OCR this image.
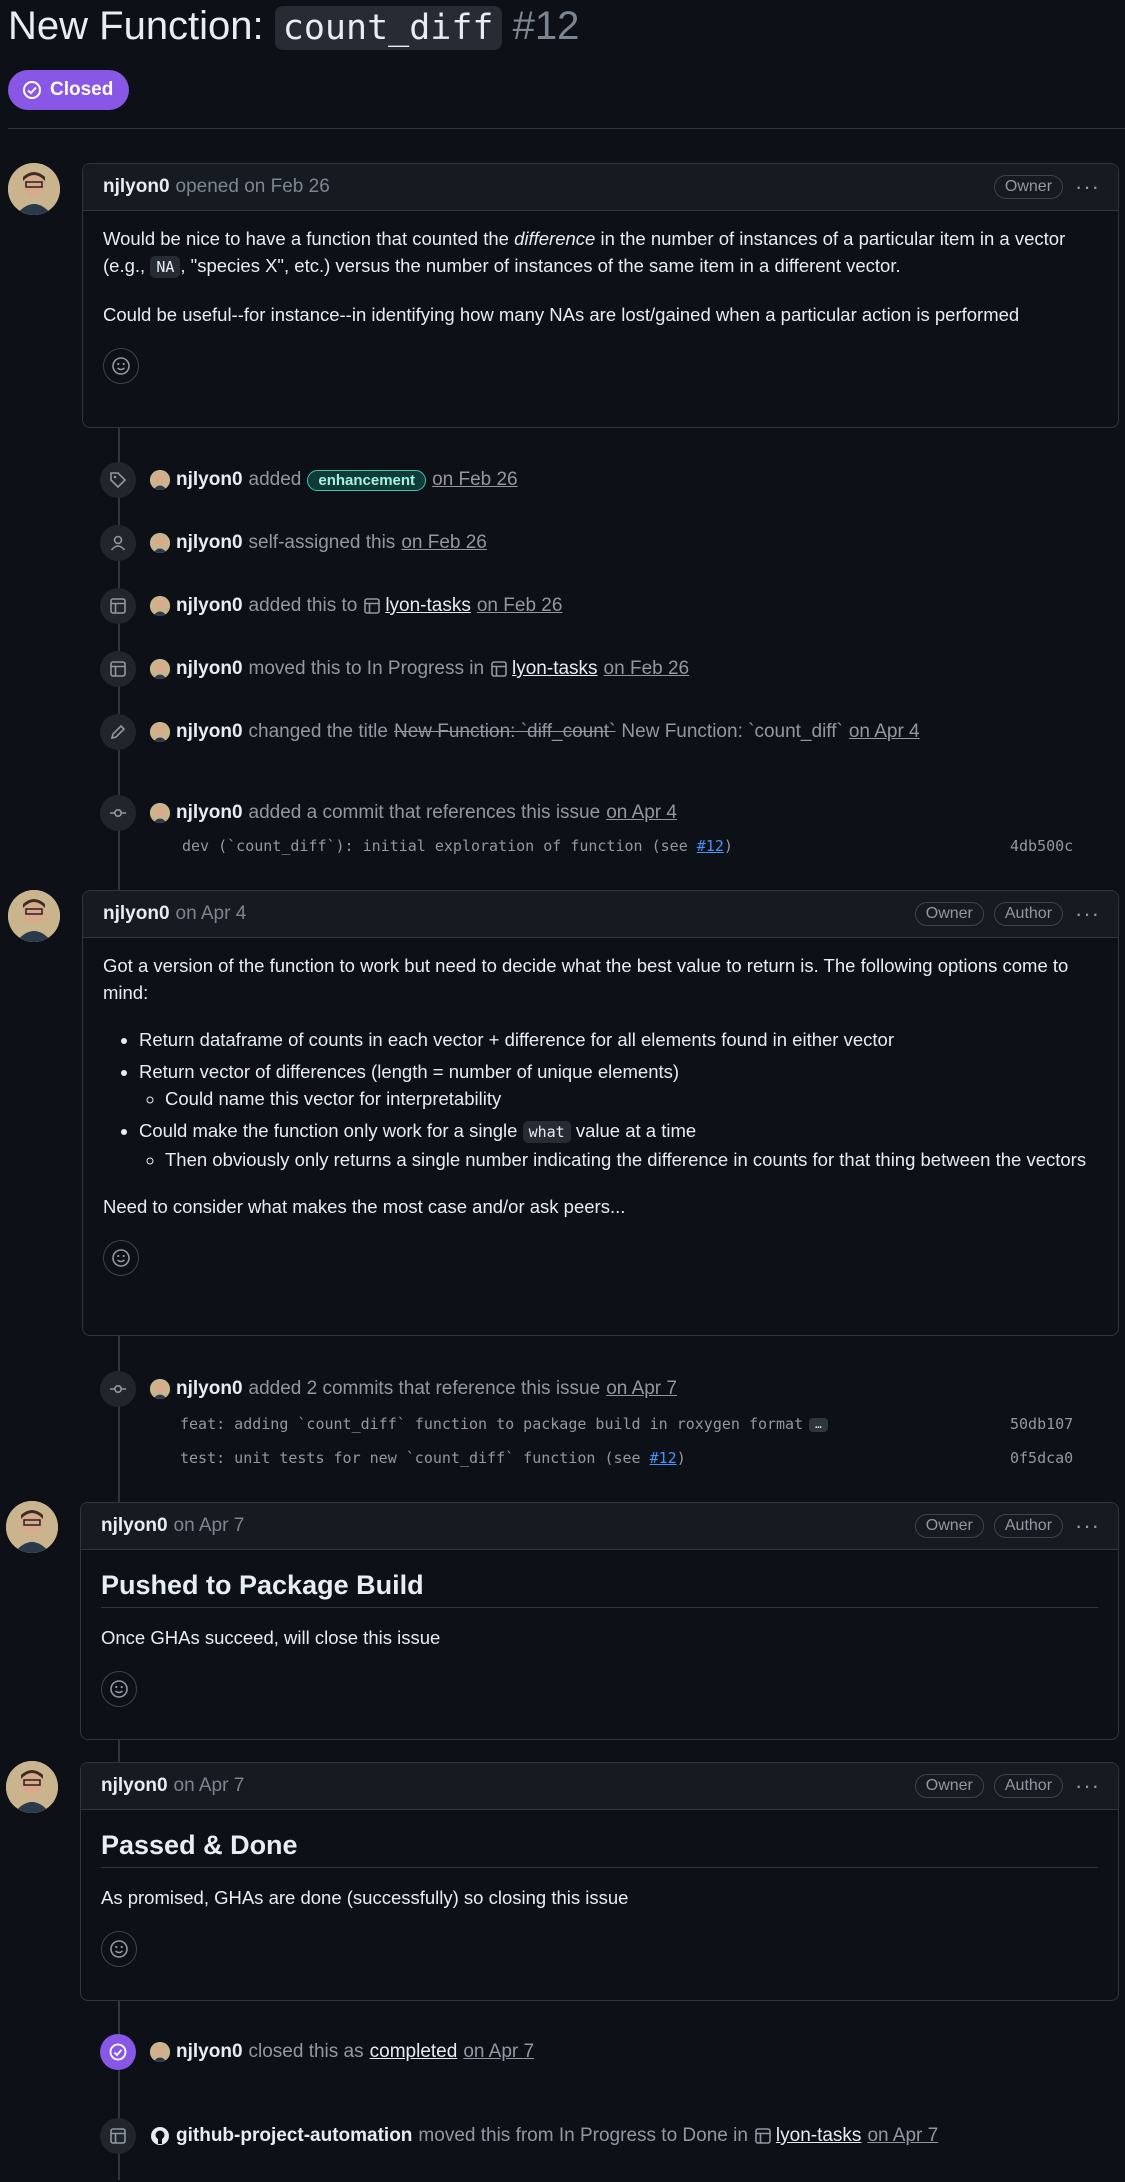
New Function: count_diff #12
Closed
njlyon0 opened on Feb 26	Owner	···

Would be nice to have a function that counted the difference in the number of instances of a particular item in a vector (e.g., NA , "species X", etc.) versus the number of instances of the same item in a different vector.

Could be useful--for instance--in identifying how many NAs are lost/gained when a particular action is performed

njlyon0 added	enhancement on Feb 26
njlyon0 self-assigned this on Feb 26
njlyon0 added this to lyon-tasks on Feb 26
njlyon0 moved this to In Progress in lyon-tasks on Feb 26
njlyon0 changed the title New Function: `diff_count` New Function: `count_diff` on Apr 4
njlyon0 added a commit that references this issue on Apr 4
dev (`count_diff`): initial exploration of function (see #12)	4db500c
njlyon0 on Apr 4	Owner	Author	···

Got a version of the function to work but need to decide what the best value to return is. The following options come to mind:

• Return dataframe of counts in each vector + difference for all elements found in either vector
• Return vector of differences (length = number of unique elements)
◦ Could name this vector for interpretability
• Could make the function only work for a single what value at a time
◦ Then obviously only returns a single number indicating the difference in counts for that thing between the vectors

Need to consider what makes the most case and/or ask peers...

njlyon0 added 2 commits that reference this issue on Apr 7
feat: adding `count_diff` function to package build in roxygen format …	50db107
test: unit tests for new `count_diff` function (see #12)	0f5dca0
njlyon0 on Apr 7	Owner	Author	···
Pushed to Package Build

Once GHAs succeed, will close this issue

njlyon0 on Apr 7	Owner	Author	···
Passed & Done

As promised, GHAs are done (successfully) so closing this issue

njlyon0 closed this as completed on Apr 7
github-project-automation moved this from In Progress to Done in lyon-tasks on Apr 7
